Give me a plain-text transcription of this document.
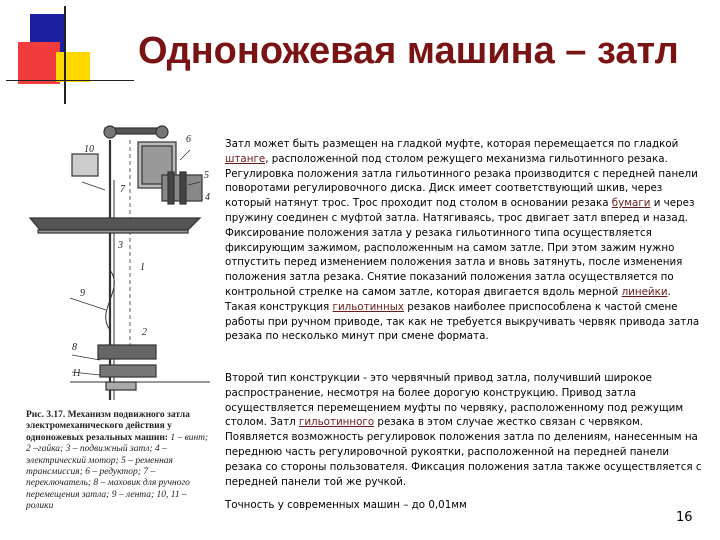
Одноножевая машина – затл
10
6
5
4
7
3
1
9
2
8
11
Рис. 3.17. Механизм подвижного затла электромеханического действия у одноножевых резальных машин: 1 – винт; 2 –гайка; 3 – подвижный затл; 4 – электрический мотор; 5 – ременная трансмиссия; 6 – редуктор; 7 – переключатель; 8 – маховик для ручного перемещения затла; 9 – лента; 10, 11 – ролики

Затл может быть размещен на гладкой муфте, которая перемещается по гладкой штанге, расположенной под столом режущего механизма гильотинного резака. Регулировка положения затла гильотинного резака производится с передней панели поворотами регулировочного диска. Диск имеет соответствующий шкив, через который натянут трос. Трос проходит под столом в основании резака бумаги и через пружину соединен с муфтой затла. Натягиваясь, трос двигает затл вперед и назад. Фиксирование положения затла у резака гильотинного типа осуществляется фиксирующим зажимом, расположенным на самом затле. При этом зажим нужно отпустить перед изменением положения затла и вновь затянуть, после изменения положения затла резака. Снятие показаний положения затла осуществляется по контрольной стрелке на самом затле, которая двигается вдоль мерной линейки. Такая конструкция гильотинных резаков наиболее приспособлена к частой смене работы при ручном приводе, так как не требуется выкручивать червяк привода затла резака по несколько минут при смене формата.

Второй тип конструкции - это червячный привод затла, получивший широкое распространение, несмотря на более дорогую конструкцию. Привод затла осуществляется перемещением муфты по червяку, расположенному под режущим столом. Затл гильотинного резака в этом случае жестко связан с червяком. Появляется возможность регулировок положения затла по делениям, нанесенным на переднюю часть регулировочной рукоятки, расположенной на передней панели резака со стороны пользователя. Фиксация положения затла также осуществляется с передней панели той же ручкой.

Точность у современных машин – до 0,01мм

16
